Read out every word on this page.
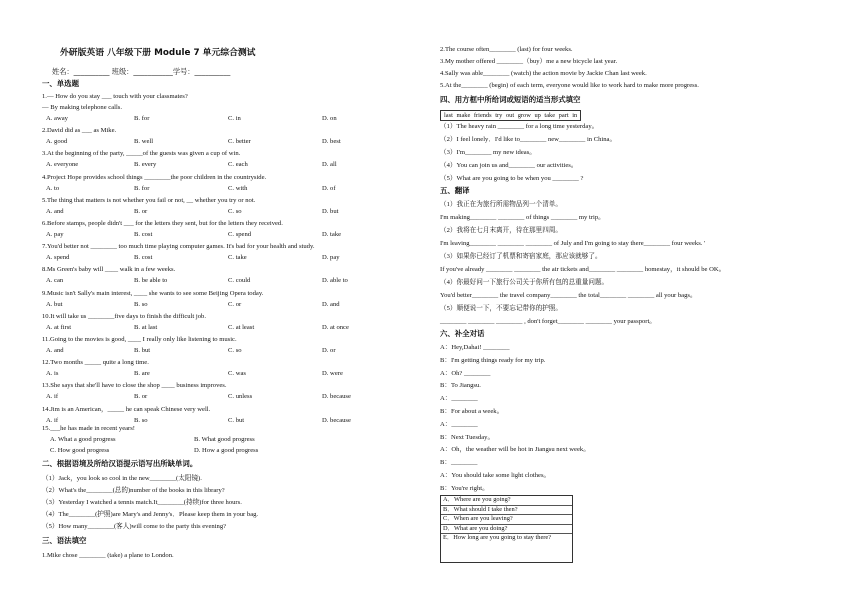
外研版英语 八年级下册 Module 7 单元综合测试
姓名：__________ 班级：___________学号：__________
一、单选题
1.— How do you stay ___ touch with your classmates?
— By making telephone calls.
A. away	B. for	C. in	D. on
2.David did as ___ as Mike.
A. good	B. well	C. better	D. best
3.At the beginning of the party, _____of the guests was given a cup of win.
A. everyone	B. every	C. each	D. all
4.Project Hope provides school things ________the poor children in the countryside.
A. to	B. for	C. with	D. of
5.The thing that matters is not whether you fail or not, __ whether you try or not.
A. and	B. or	C. so	D. but
6.Before stamps, people didn't ___ for the letters they sent, but for the letters they received.
A. pay	B. cost	C. spend	D. take
7.You'd better not ________ too much time playing computer games. It's bad for your health and study.
A. spend	B. cost	C. take	D. pay
8.Ms Green's baby will ____ walk in a few weeks.
A. can	B. be able to	C. could	D. able to
9.Music isn't Sally's main interest, ____ she wants to see some Beijing Opera today.
A. but	B. so	C. or	D. and
10.It will take us ________five days to finish the difficult job.
A. at first	B. at last	C. at least	D. at once
11.Going to the movies is good, ____ I really only like listening to music.
A. and	B. but	C. so	D. or
12.Two months _____ quite a long time.
A. is	B. are	C. was	D. were
13.She says that she'll have to close the shop ____ business improves.
A. if	B. or	C. unless	D. because
14.Jim is an American，_____ he can speak Chinese very well.
A. if	B. so	C. but	D. because
15.___he has made in recent years!
A. What a good progress	B. What good progress
C. How good progress	D. How a good progress
二、根据语境及所给汉语提示语写出所缺单词。
（1）Jack，you look so cool in the new________(太阳镜).
（2）What's the________(总的)number of the books in this library?
（3）Yesterday I watched a tennis match.It________(持续)for three hours.
（4）The________(护照)are Mary's and Jenny's．Please keep them in your bag.
（5）How many________(客人)will come to the party this evening?
三、语法填空
1.Mike chose ________ (take) a plane to London.
2.The course often________ (last) for four weeks.
3.My mother offered ________（buy）me a new bicycle last year.
4.Sally was able________ (watch) the action movie by Jackie Chan last week.
5.At the________ (begin) of each term, everyone would like to work hard to make more progress.
四、用方框中所给词或短语的适当形式填空
last make friends try out grow up take part in
（1）The heavy rain ________ for a long time yesterday。
（2）I feel lonely．I'd like to________ new________ in China。
（3）I'm________ my new ideas。
（4）You can join us and________ our activities。
（5）What are you going to be when you ________ ?
五、翻译
（1）我正在为旅行所需物品列一个清单。
I'm making________ ________ of things ________ my trip。
（2）我将在七月末离开，待在那里四周。
I'm leaving________ ________ ________ of July and I'm going to stay there________ four weeks. '
（3）如果你已经订了机票和寄宿家庭，那应该就够了。
If you've already ________ ________ the air tickets and________ ________ homestay，it should be OK。
（4）你最好问一下旅行公司关于你所有包的总重量问题。
You'd better________ the travel company________ the total________ ________ all your bags。
（5）顺便说一下，不要忘记带你的护照。
________ ________ ________ , don't forget________ ________ your passport。
六、补全对话
A：Hey,Dahai! ________
B：I'm getting things ready for my trip.
A：Oh? ________
B：To Jiangsu.
A：________
B：For about a week。
A：________
B：Next Tuesday。
A：Oh，the weather will be hot in Jiangsu next week。
B：________
A：You should take some light clothes。
B：You're right。
A．Where are you going?
B．What should I take then?
C．When are you leaving?
D．What are you doing?
E．How long are you going to stay there?
